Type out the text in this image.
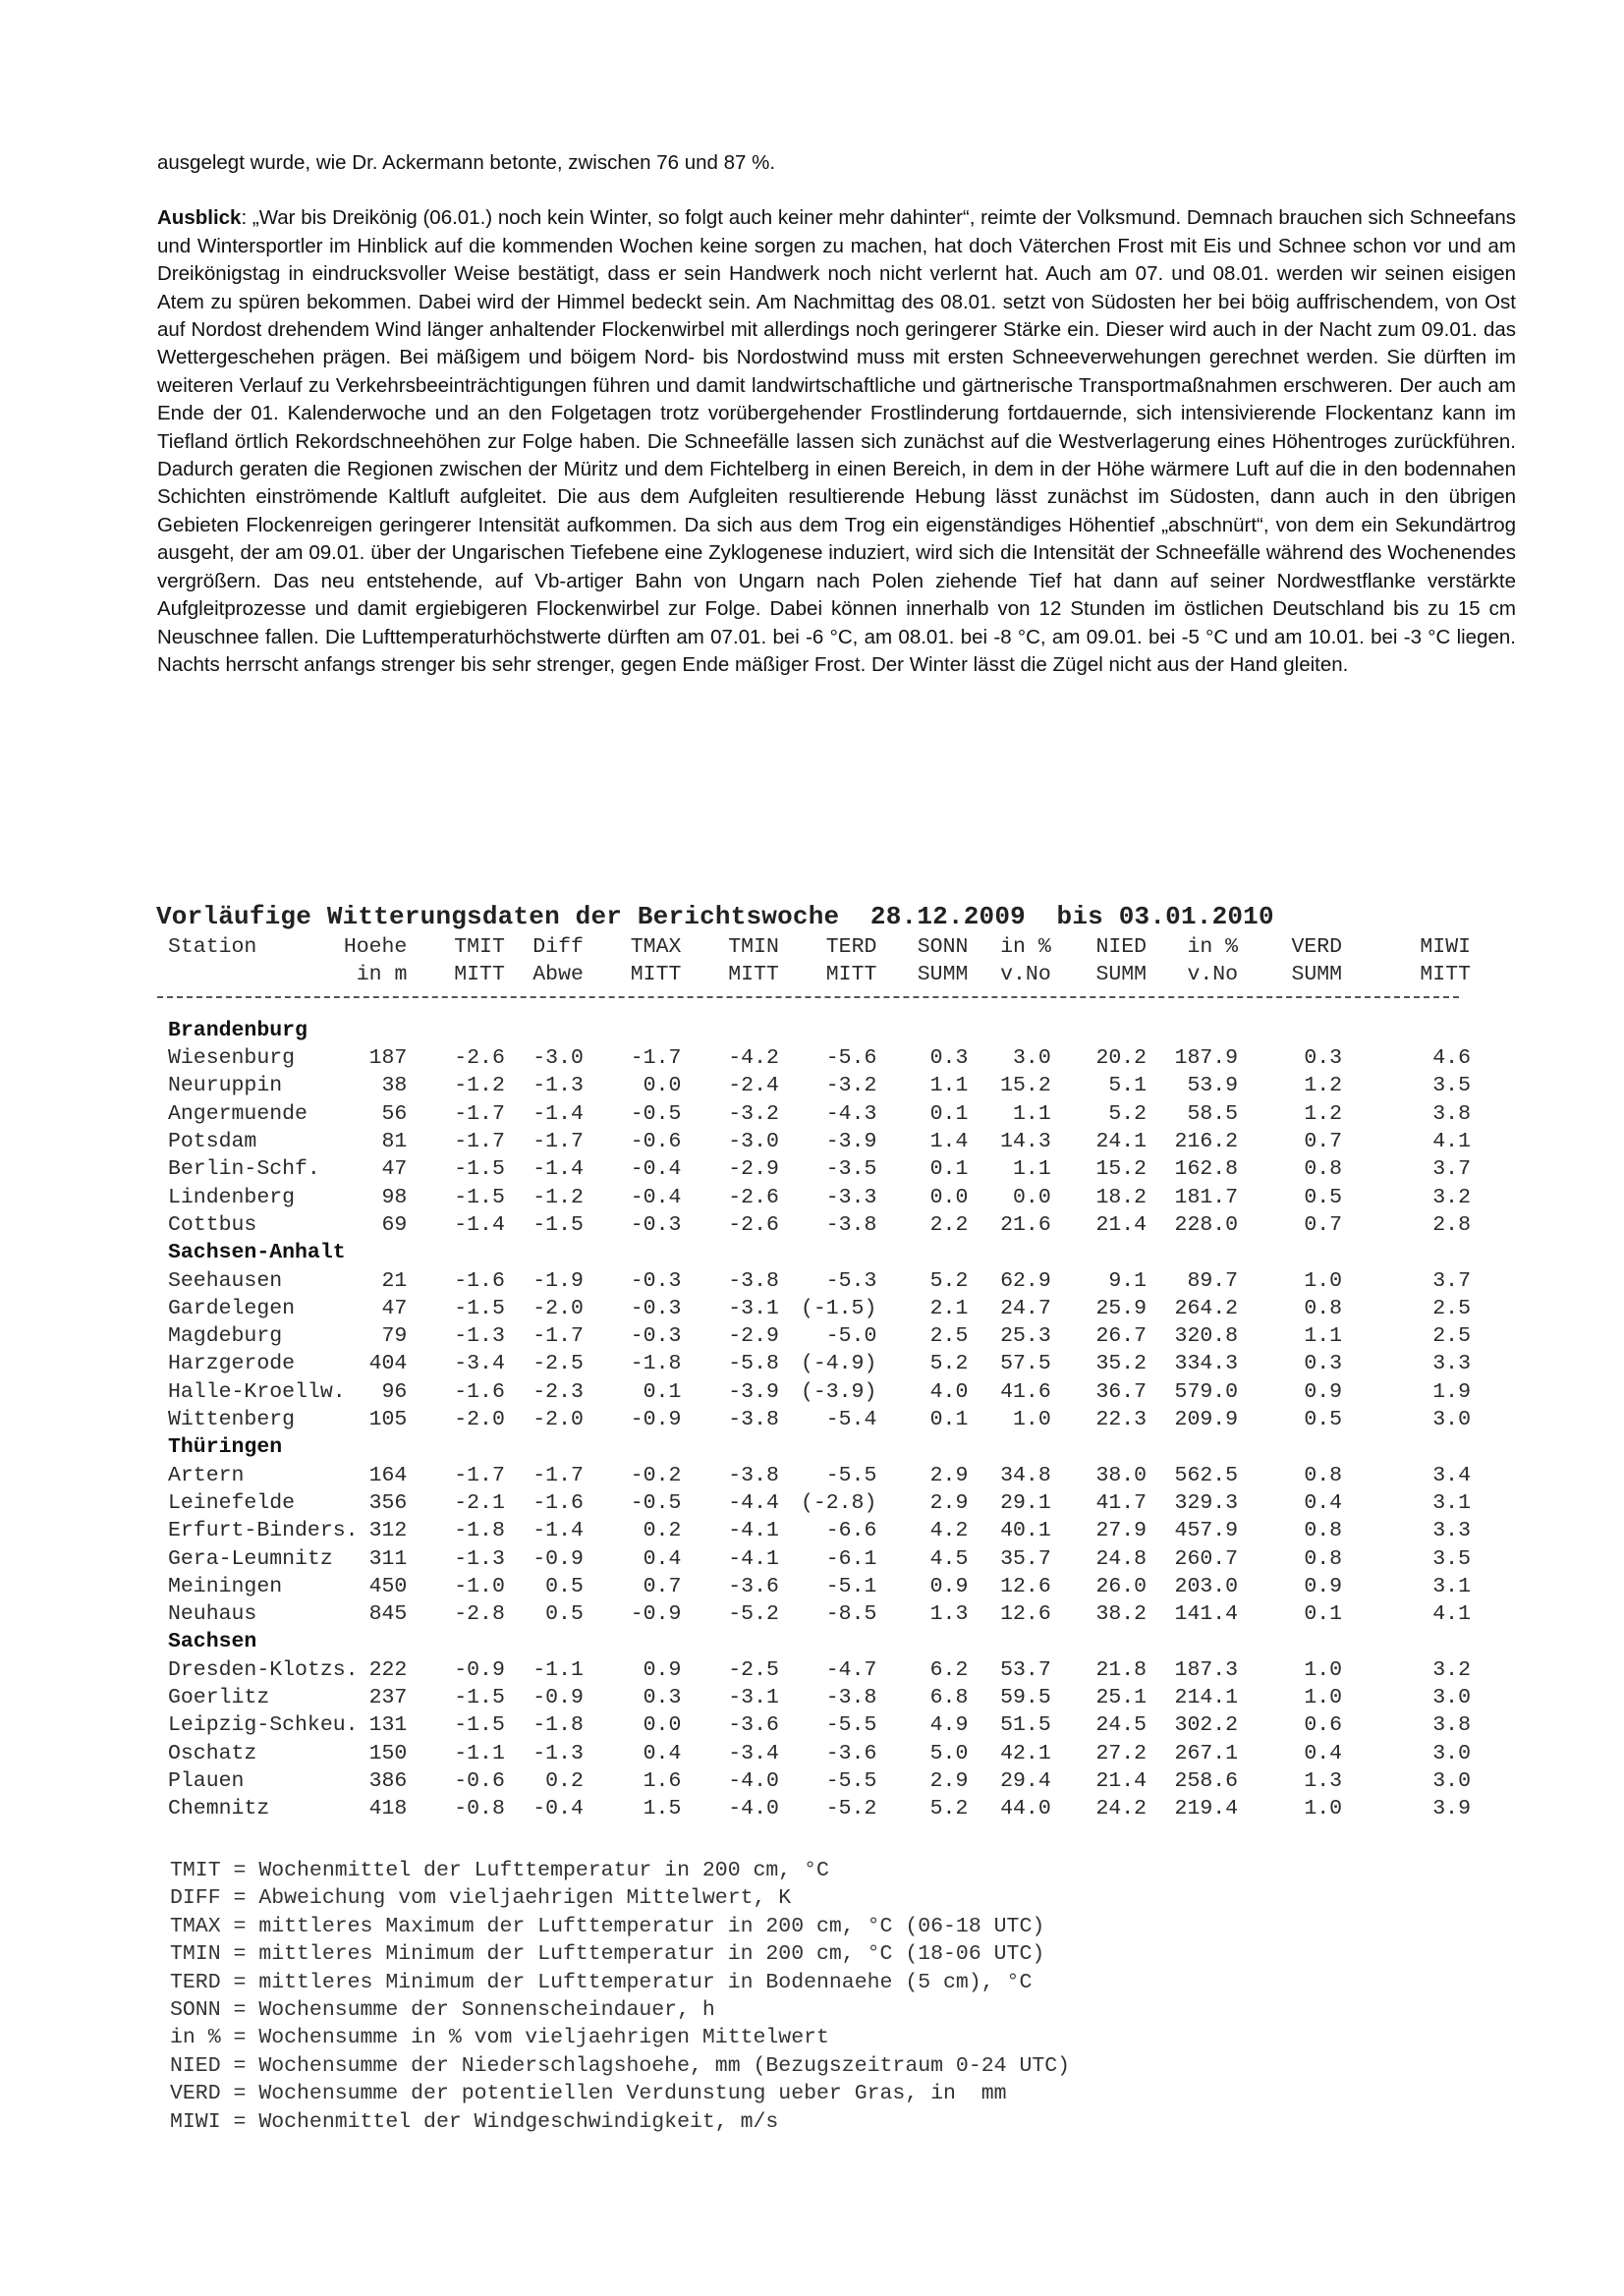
ausgelegt wurde, wie Dr. Ackermann betonte, zwischen 76 und 87 %.

Ausblick: „War bis Dreikönig (06.01.) noch kein Winter, so folgt auch keiner mehr dahinter“, reimte der Volksmund. Demnach brauchen sich Schneefans und Wintersportler im Hinblick auf die kommenden Wochen keine sorgen zu machen, hat doch Väterchen Frost mit Eis und Schnee schon vor und am Dreikönigstag in eindrucksvoller Weise bestätigt, dass er sein Handwerk noch nicht verlernt hat. Auch am 07. und 08.01. werden wir seinen eisigen Atem zu spüren bekommen. Dabei wird der Himmel bedeckt sein. Am Nachmittag des 08.01. setzt von Südosten her bei böig auffrischendem, von Ost auf Nordost drehendem Wind länger anhaltender Flockenwirbel mit allerdings noch geringerer Stärke ein. Dieser wird auch in der Nacht zum 09.01. das Wettergeschehen prägen. Bei mäßigem und böigem Nord- bis Nordostwind muss mit ersten Schneeverwehungen gerechnet werden. Sie dürften im weiteren Verlauf zu Verkehrsbeeinträchtigungen führen und damit landwirtschaftliche und gärtnerische Transportmaßnahmen erschweren. Der auch am Ende der 01. Kalenderwoche und an den Folgetagen trotz vorübergehender Frostlinderung fortdauernde, sich intensivierende Flockentanz kann im Tiefland örtlich Rekordschneehöhen zur Folge haben. Die Schneefälle lassen sich zunächst auf die Westverlagerung eines Höhentroges zurückführen. Dadurch geraten die Regionen zwischen der Müritz und dem Fichtelberg in einen Bereich, in dem in der Höhe wärmere Luft auf die in den bodennahen Schichten einströmende Kaltluft aufgleitet. Die aus dem Aufgleiten resultierende Hebung lässt zunächst im Südosten, dann auch in den übrigen Gebieten Flockenreigen geringerer Intensität aufkommen. Da sich aus dem Trog ein eigenständiges Höhentief „abschnürt“, von dem ein Sekundärtrog ausgeht, der am 09.01. über der Ungarischen Tiefebene eine Zyklogenese induziert, wird sich die Intensität der Schneefälle während des Wochenendes vergrößern. Das neu entstehende, auf Vb-artiger Bahn von Ungarn nach Polen ziehende Tief hat dann auf seiner Nordwestflanke verstärkte Aufgleitprozesse und damit ergiebigeren Flockenwirbel zur Folge. Dabei können innerhalb von 12 Stunden im östlichen Deutschland bis zu 15 cm Neuschnee fallen. Die Lufttemperaturhöchstwerte dürften am 07.01. bei -6 °C, am 08.01. bei -8 °C, am 09.01. bei -5 °C und am 10.01. bei -3 °C liegen. Nachts herrscht anfangs strenger bis sehr strenger, gegen Ende mäßiger Frost. Der Winter lässt die Zügel nicht aus der Hand gleiten.

Vorläufige Witterungsdaten der Berichtswoche  28.12.2009  bis 03.01.2010
Station	Hoehe	TMIT	Diff	TMAX	TMIN	TERD	SONN	in %	NIED	in %	VERD	MIWI
	in m	MITT	Abwe	MITT	MITT	MITT	SUMM	v.No	SUMM	v.No	SUMM	MITT

Brandenburg												
Wiesenburg	187	-2.6	-3.0	-1.7	-4.2	-5.6	0.3	3.0	20.2	187.9	0.3	4.6
Neuruppin	38	-1.2	-1.3	0.0	-2.4	-3.2	1.1	15.2	5.1	53.9	1.2	3.5
Angermuende	56	-1.7	-1.4	-0.5	-3.2	-4.3	0.1	1.1	5.2	58.5	1.2	3.8
Potsdam	81	-1.7	-1.7	-0.6	-3.0	-3.9	1.4	14.3	24.1	216.2	0.7	4.1
Berlin-Schf.	47	-1.5	-1.4	-0.4	-2.9	-3.5	0.1	1.1	15.2	162.8	0.8	3.7
Lindenberg	98	-1.5	-1.2	-0.4	-2.6	-3.3	0.0	0.0	18.2	181.7	0.5	3.2
Cottbus	69	-1.4	-1.5	-0.3	-2.6	-3.8	2.2	21.6	21.4	228.0	0.7	2.8
Sachsen-Anhalt												
Seehausen	21	-1.6	-1.9	-0.3	-3.8	-5.3	5.2	62.9	9.1	89.7	1.0	3.7
Gardelegen	47	-1.5	-2.0	-0.3	-3.1	(-1.5)	2.1	24.7	25.9	264.2	0.8	2.5
Magdeburg	79	-1.3	-1.7	-0.3	-2.9	-5.0	2.5	25.3	26.7	320.8	1.1	2.5
Harzgerode	404	-3.4	-2.5	-1.8	-5.8	(-4.9)	5.2	57.5	35.2	334.3	0.3	3.3
Halle-Kroellw.	96	-1.6	-2.3	0.1	-3.9	(-3.9)	4.0	41.6	36.7	579.0	0.9	1.9
Wittenberg	105	-2.0	-2.0	-0.9	-3.8	-5.4	0.1	1.0	22.3	209.9	0.5	3.0
Thüringen												
Artern	164	-1.7	-1.7	-0.2	-3.8	-5.5	2.9	34.8	38.0	562.5	0.8	3.4
Leinefelde	356	-2.1	-1.6	-0.5	-4.4	(-2.8)	2.9	29.1	41.7	329.3	0.4	3.1
Erfurt-Binders.	312	-1.8	-1.4	0.2	-4.1	-6.6	4.2	40.1	27.9	457.9	0.8	3.3
Gera-Leumnitz	311	-1.3	-0.9	0.4	-4.1	-6.1	4.5	35.7	24.8	260.7	0.8	3.5
Meiningen	450	-1.0	0.5	0.7	-3.6	-5.1	0.9	12.6	26.0	203.0	0.9	3.1
Neuhaus	845	-2.8	0.5	-0.9	-5.2	-8.5	1.3	12.6	38.2	141.4	0.1	4.1
Sachsen												
Dresden-Klotzs.	222	-0.9	-1.1	0.9	-2.5	-4.7	6.2	53.7	21.8	187.3	1.0	3.2
Goerlitz	237	-1.5	-0.9	0.3	-3.1	-3.8	6.8	59.5	25.1	214.1	1.0	3.0
Leipzig-Schkeu.	131	-1.5	-1.8	0.0	-3.6	-5.5	4.9	51.5	24.5	302.2	0.6	3.8
Oschatz	150	-1.1	-1.3	0.4	-3.4	-3.6	5.0	42.1	27.2	267.1	0.4	3.0
Plauen	386	-0.6	0.2	1.6	-4.0	-5.5	2.9	29.4	21.4	258.6	1.3	3.0
Chemnitz	418	-0.8	-0.4	1.5	-4.0	-5.2	5.2	44.0	24.2	219.4	1.0	3.9
TMIT = Wochenmittel der Lufttemperatur in 200 cm, °C
DIFF = Abweichung vom vieljaehrigen Mittelwert, K
TMAX = mittleres Maximum der Lufttemperatur in 200 cm, °C (06-18 UTC)
TMIN = mittleres Minimum der Lufttemperatur in 200 cm, °C (18-06 UTC)
TERD = mittleres Minimum der Lufttemperatur in Bodennaehe (5 cm), °C
SONN = Wochensumme der Sonnenscheindauer, h
in % = Wochensumme in % vom vieljaehrigen Mittelwert
NIED = Wochensumme der Niederschlagshoehe, mm (Bezugszeitraum 0-24 UTC)
VERD = Wochensumme der potentiellen Verdunstung ueber Gras, in  mm
MIWI = Wochenmittel der Windgeschwindigkeit, m/s
